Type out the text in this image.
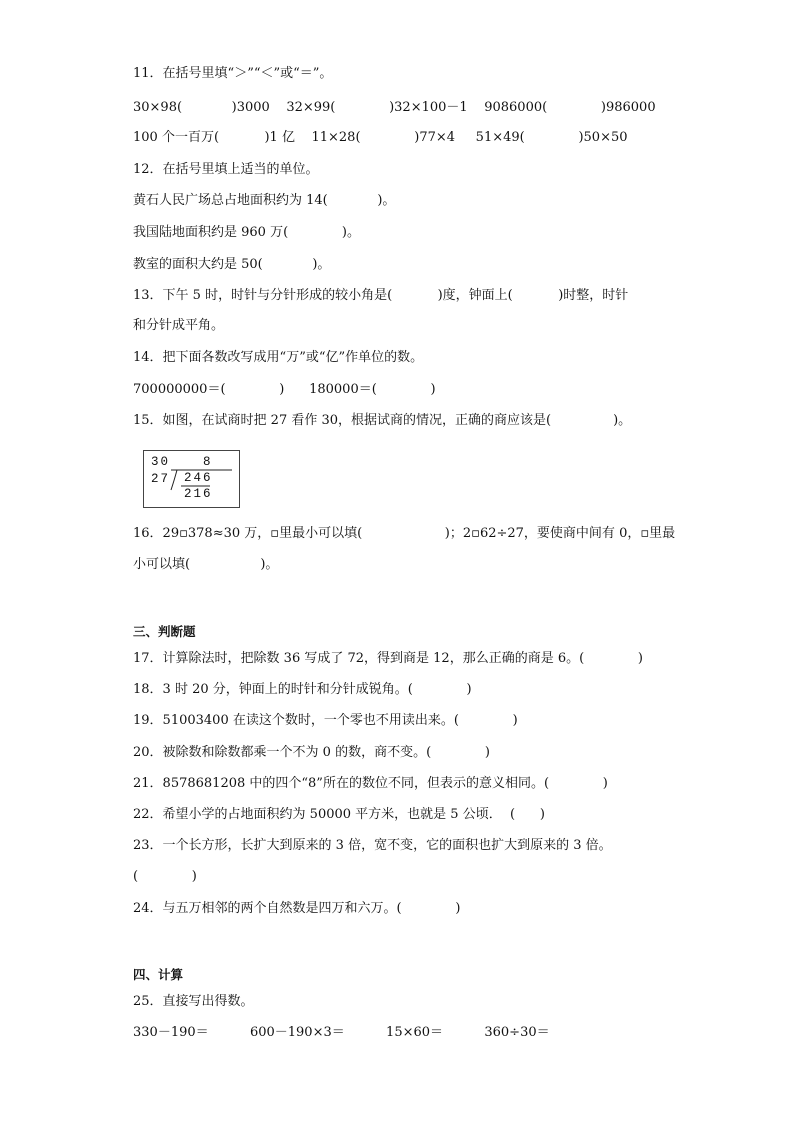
11．在括号里填“＞”“＜”或“＝”。
30×98(            )3000    32×99(             )32×100－1    9086000(             )986000
100 个一百万(           )1 亿    11×28(             )77×4     51×49(             )50×50
12．在括号里填上适当的单位。
黄石人民广场总占地面积约为 14(            )。
我国陆地面积约是 960 万(             )。
教室的面积大约是 50(            )。
13．下午 5 时，时针与分针形成的较小角是(           )度，钟面上(           )时整，时针
和分针成平角。
14．把下面各数改写成用“万”或“亿”作单位的数。
700000000＝(             )      180000＝(             )
15．如图，在试商时把 27 看作 30，根据试商的情况，正确的商应该是(               )。
30	8
27 246
216
16．29▫378≈30 万，▫里最小可以填(                    )；2▫62÷27，要使商中间有 0，▫里最
小可以填(                 )。
三、判断题
17．计算除法时，把除数 36 写成了 72，得到商是 12，那么正确的商是 6。(             )
18．3 时 20 分，钟面上的时针和分针成锐角。(             )
19．51003400 在读这个数时，一个零也不用读出来。(             )
20．被除数和除数都乘一个不为 0 的数，商不变。(             )
21．8578681208 中的四个“8”所在的数位不同，但表示的意义相同。(             )
22．希望小学的占地面积约为 50000 平方米，也就是 5 公顷．  (      )
23．一个长方形，长扩大到原来的 3 倍，宽不变，它的面积也扩大到原来的 3 倍。
(             )
24．与五万相邻的两个自然数是四万和六万。(             )
四、计算
25．直接写出得数。
330－190＝          600－190×3＝          15×60＝          360÷30＝
